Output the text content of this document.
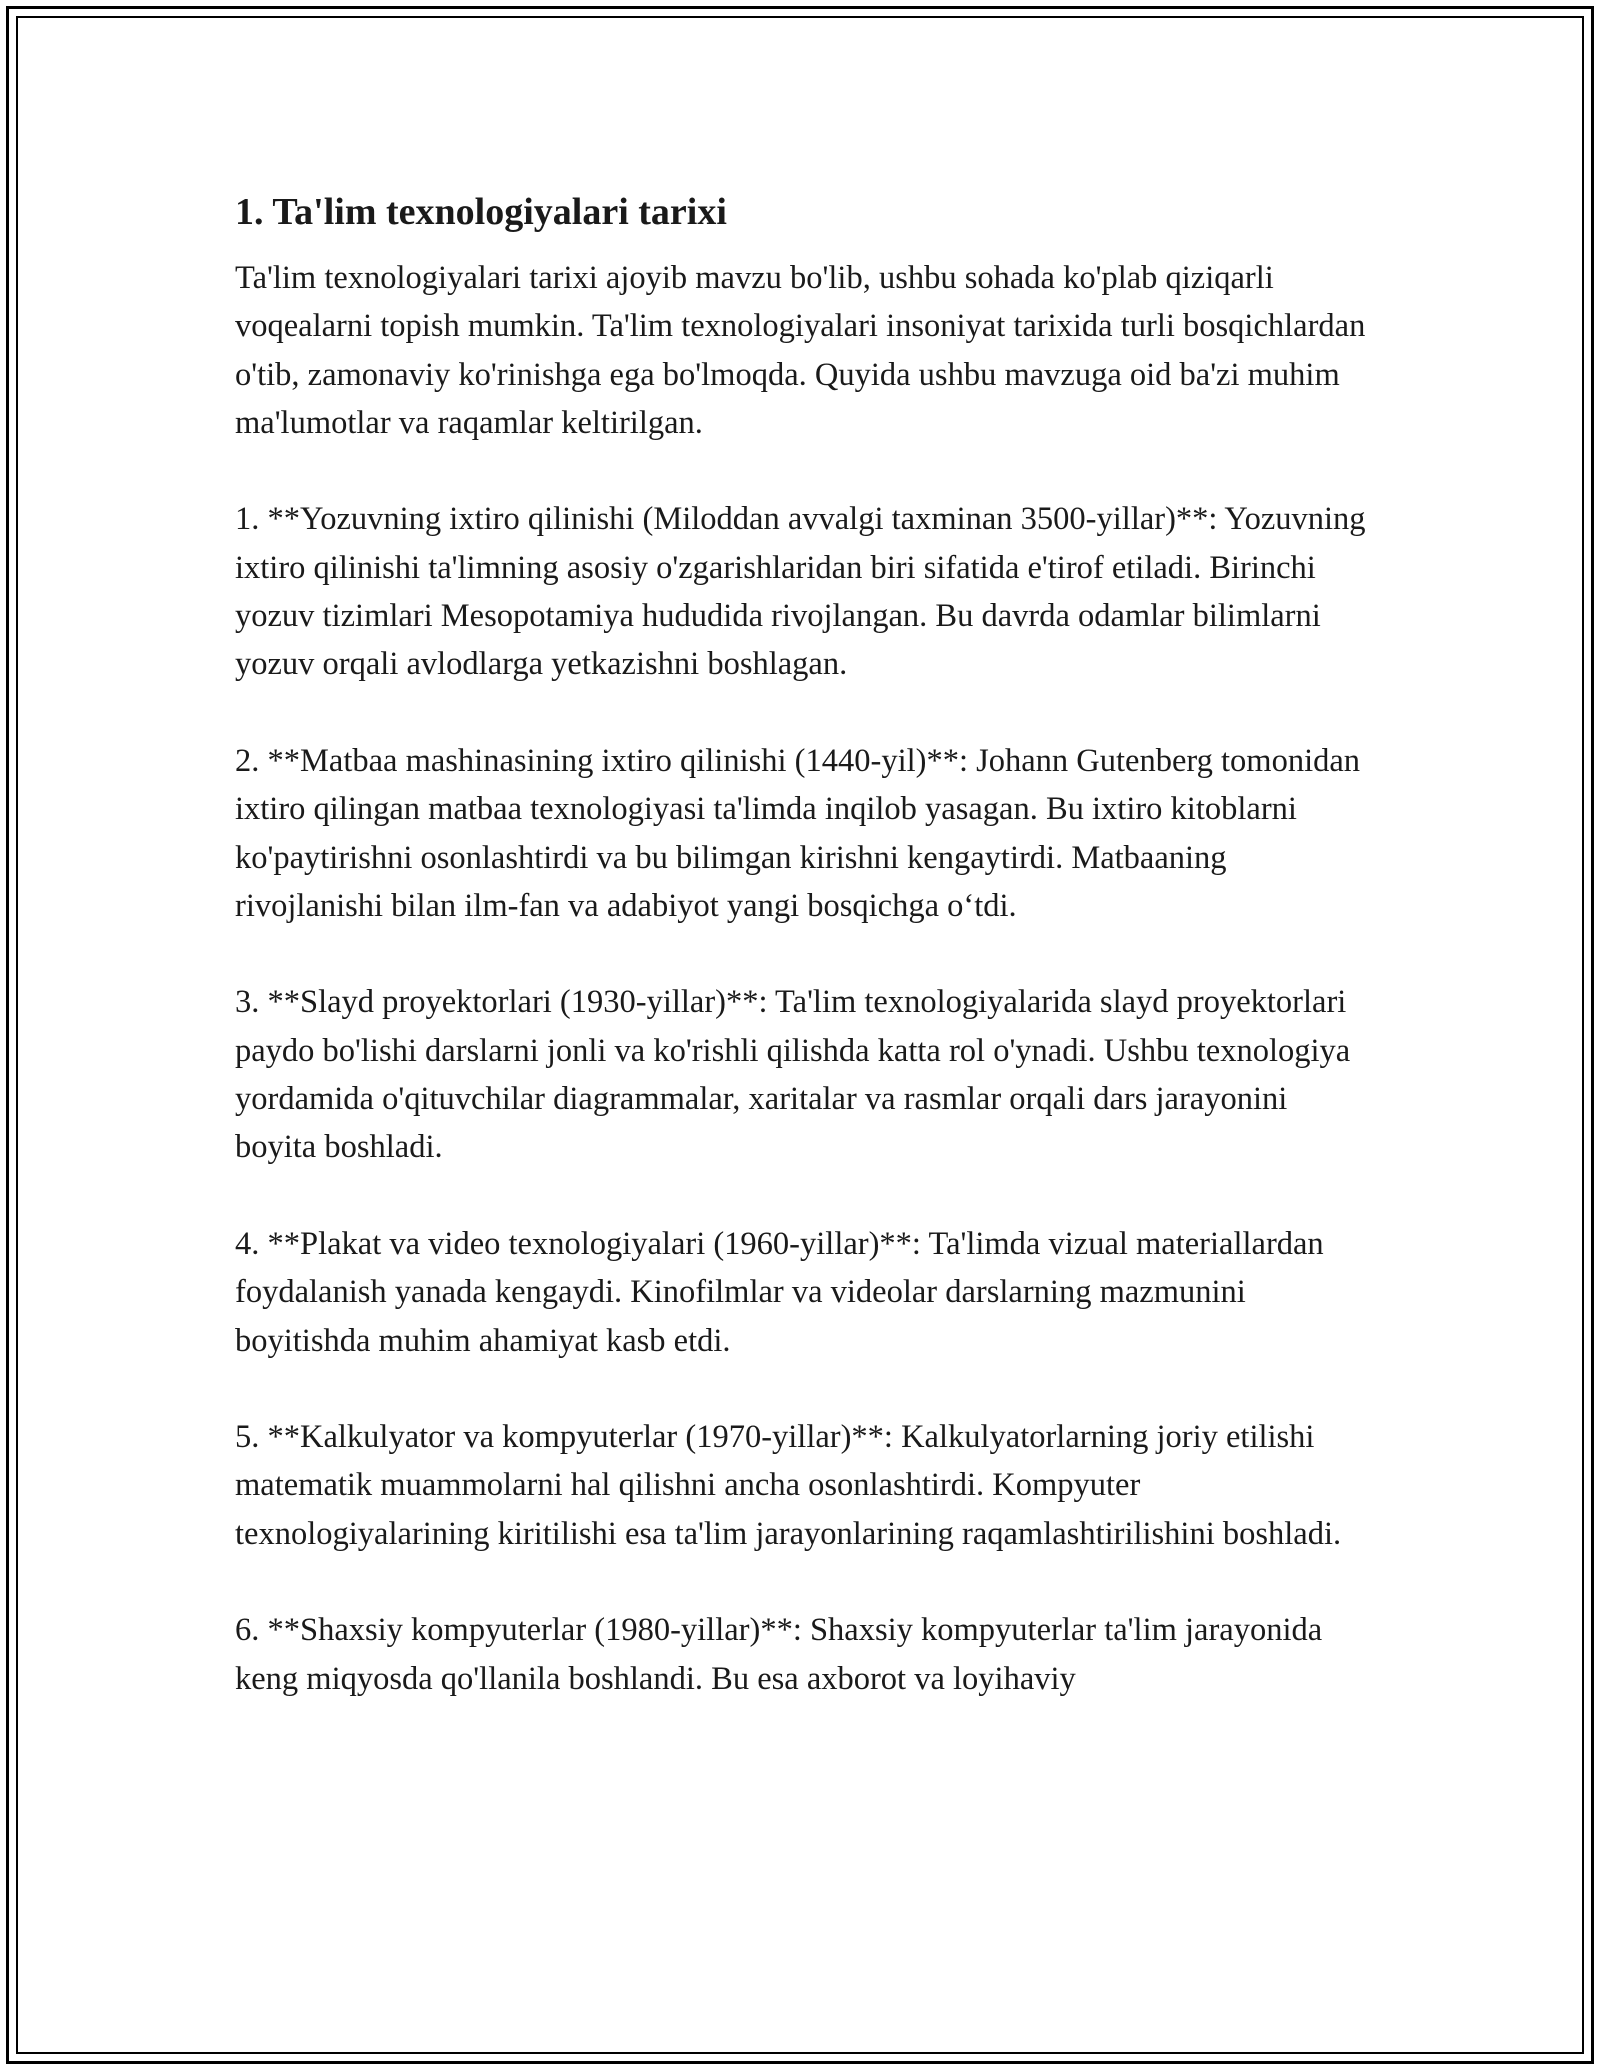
1. Ta'lim texnologiyalari tarixi

Ta'lim texnologiyalari tarixi ajoyib mavzu bo'lib, ushbu sohada ko'plab qiziqarli voqealarni topish mumkin. Ta'lim texnologiyalari insoniyat tarixida turli bosqichlardan o'tib, zamonaviy ko'rinishga ega bo'lmoqda. Quyida ushbu mavzuga oid ba'zi muhim ma'lumotlar va raqamlar keltirilgan.

1. **Yozuvning ixtiro qilinishi (Miloddan avvalgi taxminan 3500-yillar)**: Yozuvning ixtiro qilinishi ta'limning asosiy o'zgarishlaridan biri sifatida e'tirof etiladi. Birinchi yozuv tizimlari Mesopotamiya hududida rivojlangan. Bu davrda odamlar bilimlarni yozuv orqali avlodlarga yetkazishni boshlagan.

2. **Matbaa mashinasining ixtiro qilinishi (1440-yil)**: Johann Gutenberg tomonidan ixtiro qilingan matbaa texnologiyasi ta'limda inqilob yasagan. Bu ixtiro kitoblarni ko'paytirishni osonlashtirdi va bu bilimgan kirishni kengaytirdi. Matbaaning rivojlanishi bilan ilm-fan va adabiyot yangi bosqichga o‘tdi.

3. **Slayd proyektorlari (1930-yillar)**: Ta'lim texnologiyalarida slayd proyektorlari paydo bo'lishi darslarni jonli va ko'rishli qilishda katta rol o'ynadi. Ushbu texnologiya yordamida o'qituvchilar diagrammalar, xaritalar va rasmlar orqali dars jarayonini boyita boshladi.

4. **Plakat va video texnologiyalari (1960-yillar)**: Ta'limda vizual materiallardan foydalanish yanada kengaydi. Kinofilmlar va videolar darslarning mazmunini boyitishda muhim ahamiyat kasb etdi.

5. **Kalkulyator va kompyuterlar (1970-yillar)**: Kalkulyatorlarning joriy etilishi matematik muammolarni hal qilishni ancha osonlashtirdi. Kompyuter texnologiyalarining kiritilishi esa ta'lim jarayonlarining raqamlashtirilishini boshladi.

6. **Shaxsiy kompyuterlar (1980-yillar)**: Shaxsiy kompyuterlar ta'lim jarayonida keng miqyosda qo'llanila boshlandi. Bu esa axborot va loyihaviy
